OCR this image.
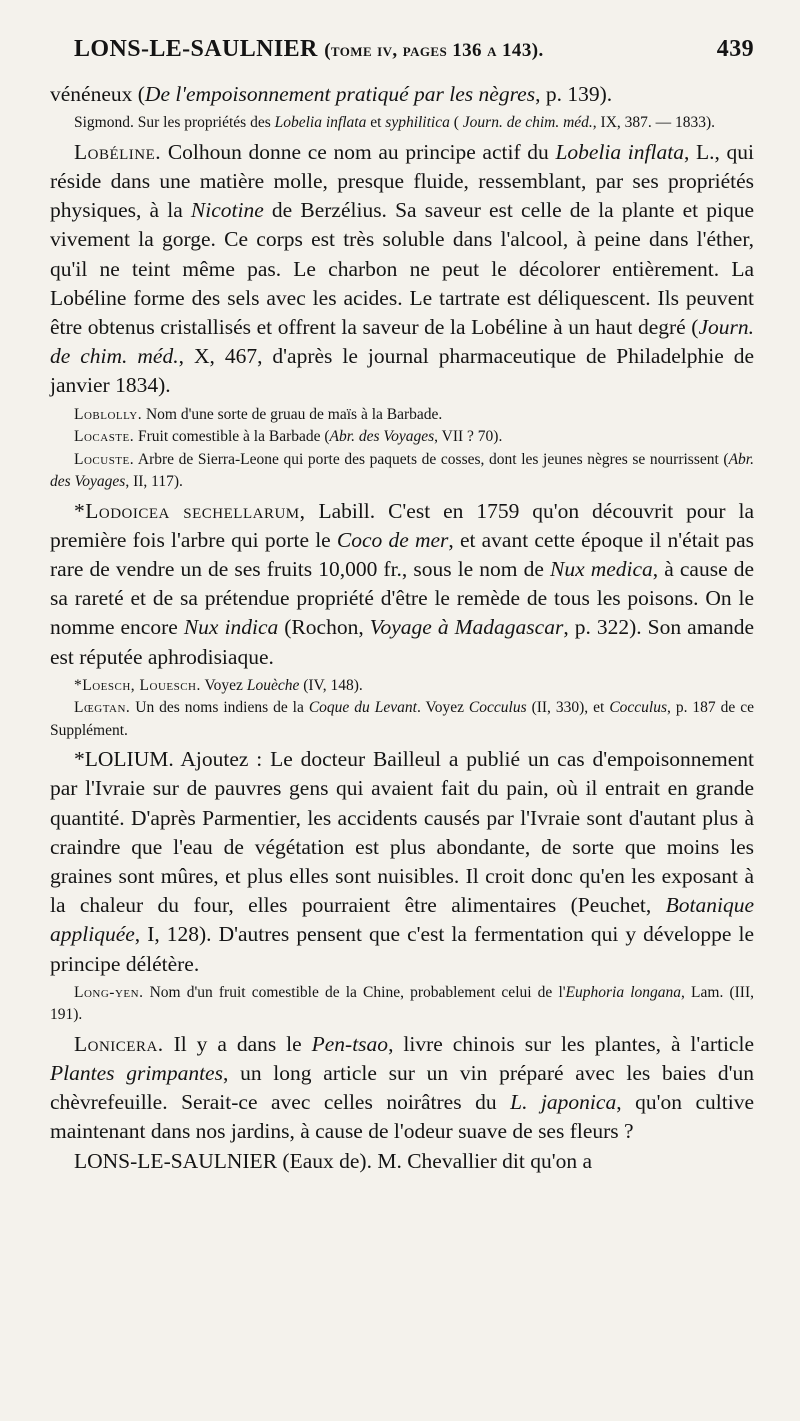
LONS-LE-SAULNIER (tome iv, pages 136 a 143).	439

vénéneux (De l'empoisonnement pratiqué par les nègres, p. 139).

Sigmond. Sur les propriétés des Lobelia inflata et syphilitica ( Journ. de chim. méd., IX, 387. — 1833).

Lobéline. Colhoun donne ce nom au principe actif du Lobelia inflata, L., qui réside dans une matière molle, presque fluide, ressemblant, par ses propriétés physiques, à la Nicotine de Berzélius. Sa saveur est celle de la plante et pique vivement la gorge. Ce corps est très soluble dans l'alcool, à peine dans l'éther, qu'il ne teint même pas. Le charbon ne peut le décolorer entièrement. La Lobéline forme des sels avec les acides. Le tartrate est déliquescent. Ils peuvent être obtenus cristallisés et offrent la saveur de la Lobéline à un haut degré (Journ. de chim. méd., X, 467, d'après le journal pharmaceutique de Philadelphie de janvier 1834).

Loblolly. Nom d'une sorte de gruau de maïs à la Barbade.

Locaste. Fruit comestible à la Barbade (Abr. des Voyages, VII ? 70).

Locuste. Arbre de Sierra-Leone qui porte des paquets de cosses, dont les jeunes nègres se nourrissent (Abr. des Voyages, II, 117).

*Lodoicea sechellarum, Labill. C'est en 1759 qu'on découvrit pour la première fois l'arbre qui porte le Coco de mer, et avant cette époque il n'était pas rare de vendre un de ses fruits 10,000 fr., sous le nom de Nux medica, à cause de sa rareté et de sa prétendue propriété d'être le remède de tous les poisons. On le nomme encore Nux indica (Rochon, Voyage à Madagascar, p. 322). Son amande est réputée aphrodisiaque.

*Loesch, Louesch. Voyez Louèche (IV, 148).

Lœgtan. Un des noms indiens de la Coque du Levant. Voyez Cocculus (II, 330), et Cocculus, p. 187 de ce Supplément.

*LOLIUM. Ajoutez : Le docteur Bailleul a publié un cas d'empoisonnement par l'Ivraie sur de pauvres gens qui avaient fait du pain, où il entrait en grande quantité. D'après Parmentier, les accidents causés par l'Ivraie sont d'autant plus à craindre que l'eau de végétation est plus abondante, de sorte que moins les graines sont mûres, et plus elles sont nuisibles. Il croit donc qu'en les exposant à la chaleur du four, elles pourraient être alimentaires (Peuchet, Botanique appliquée, I, 128). D'autres pensent que c'est la fermentation qui y développe le principe délétère.

Long-yen. Nom d'un fruit comestible de la Chine, probablement celui de l'Euphoria longana, Lam. (III, 191).

Lonicera. Il y a dans le Pen-tsao, livre chinois sur les plantes, à l'article Plantes grimpantes, un long article sur un vin préparé avec les baies d'un chèvrefeuille. Serait-ce avec celles noirâtres du L. japonica, qu'on cultive maintenant dans nos jardins, à cause de l'odeur suave de ses fleurs ?

LONS-LE-SAULNIER (Eaux de). M. Chevallier dit qu'on a
